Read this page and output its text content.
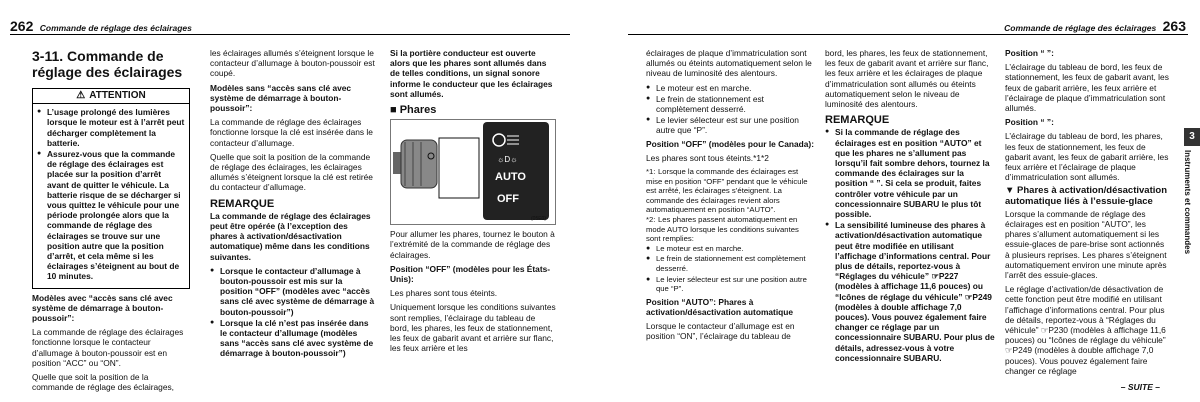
262 Commande de réglage des éclairages
3-11. Commande de réglage des éclairages
⚠ ATTENTION
● L’usage prolongé des lumières lorsque le moteur est à l’arrêt peut décharger complètement la batterie.
● Assurez-vous que la commande de réglage des éclairages est placée sur la position d’arrêt avant de quitter le véhicule. La batterie risque de se décharger si vous quittez le véhicule pour une période prolongée alors que la commande de réglage des éclairages se trouve sur une position autre que la position d’arrêt, et cela même si les éclairages s’éteignent au bout de 10 minutes.

Modèles avec “accès sans clé avec système de démarrage à bouton-poussoir”:

La commande de réglage des éclairages fonctionne lorsque le contacteur d’allumage à bouton-poussoir est en position “ACC” ou “ON”.

Quelle que soit la position de la commande de réglage des éclairages,

les éclairages allumés s’éteignent lorsque le contacteur d’allumage à bouton-poussoir est coupé.

Modèles sans “accès sans clé avec système de démarrage à bouton-poussoir”:

La commande de réglage des éclairages fonctionne lorsque la clé est insérée dans le contacteur d’allumage.

Quelle que soit la position de la commande de réglage des éclairages, les éclairages allumés s’éteignent lorsque la clé est retirée du contacteur d’allumage.

REMARQUE

La commande de réglage des éclairages peut être opérée (à l’exception des phares à activation/désactivation automatique) même dans les conditions suivantes.

● Lorsque le contacteur d’allumage à bouton-poussoir est mis sur la position “OFF” (modèles avec “accès sans clé avec système de démarrage à bouton-poussoir”)
● Lorsque la clé n’est pas insérée dans le contacteur d’allumage (modèles sans “accès sans clé avec système de démarrage à bouton-poussoir”)

Si la portière conducteur est ouverte alors que les phares sont allumés dans de telles conditions, un signal sonore informe le conducteur que les éclairages sont allumés.

■ Phares
☼D☼
AUTO
OFF
(05E0)

Pour allumer les phares, tournez le bouton à l’extrémité de la commande de réglage des éclairages.

Position “OFF” (modèles pour les États-Unis):

Les phares sont tous éteints.

Uniquement lorsque les conditions suivantes sont remplies, l’éclairage du tableau de bord, les phares, les feux de stationnement, les feux de gabarit avant et arrière sur flanc, les feux arrière et les

Commande de réglage des éclairages 263

éclairages de plaque d’immatriculation sont allumés ou éteints automatiquement selon le niveau de luminosité des alentours.

● Le moteur est en marche.
● Le frein de stationnement est complètement desserré.
● Le levier sélecteur est sur une position autre que “P”.

Position “OFF” (modèles pour le Canada):

Les phares sont tous éteints.*1*2

*1: Lorsque la commande des éclairages est mise en position “OFF” pendant que le véhicule est arrêté, les éclairages s’éteignent. La commande des éclairages revient alors automatiquement en position “AUTO”.
*2: Les phares passent automatiquement en mode AUTO lorsque les conditions suivantes sont remplies:
● Le moteur est en marche.
● Le frein de stationnement est complètement desserré.
● Le levier sélecteur est sur une position autre que “P”.

Position “AUTO”: Phares à activation/désactivation automatique

Lorsque le contacteur d’allumage est en position “ON”, l’éclairage du tableau de

bord, les phares, les feux de stationnement, les feux de gabarit avant et arrière sur flanc, les feux arrière et les éclairages de plaque d’immatriculation sont allumés ou éteints automatiquement selon le niveau de luminosité des alentours.

REMARQUE
● Si la commande de réglage des éclairages est en position “AUTO” et que les phares ne s’allument pas lorsqu’il fait sombre dehors, tournez la commande des éclairages sur la position “ ”. Si cela se produit, faites contrôler votre véhicule par un concessionnaire SUBARU le plus tôt possible.
● La sensibilité lumineuse des phares à activation/désactivation automatique peut être modifiée en utilisant l’affichage d’informations central. Pour plus de détails, reportez-vous à “Réglages du véhicule” ☞P227 (modèles à affichage 11,6 pouces) ou “Icônes de réglage du véhicule” ☞P249 (modèles à double affichage 7,0 pouces). Vous pouvez également faire changer ce réglage par un concessionnaire SUBARU. Pour plus de détails, adressez-vous à votre concessionnaire SUBARU.

Position “ ”:

L’éclairage du tableau de bord, les feux de stationnement, les feux de gabarit avant, les feux de gabarit arrière, les feux arrière et l’éclairage de plaque d’immatriculation sont allumés.

Position “ ”:

L’éclairage du tableau de bord, les phares, les feux de stationnement, les feux de gabarit avant, les feux de gabarit arrière, les feux arrière et l’éclairage de plaque d’immatriculation sont allumés.

▼ Phares à activation/désactivation automatique liés à l’essuie-glace

Lorsque la commande de réglage des éclairages est en position “AUTO”, les phares s’allument automatiquement si les essuie-glaces de pare-brise sont actionnés à plusieurs reprises. Les phares s’éteignent automatiquement environ une minute après l’arrêt des essuie-glaces.

Le réglage d’activation/de désactivation de cette fonction peut être modifié en utilisant l’affichage d’informations central. Pour plus de détails, reportez-vous à “Réglages du véhicule” ☞P230 (modèles à affichage 11,6 pouces) ou “Icônes de réglage du véhicule” ☞P249 (modèles à double affichage 7,0 pouces). Vous pouvez également faire changer ce réglage

– SUITE –
3
Instruments et commandes
